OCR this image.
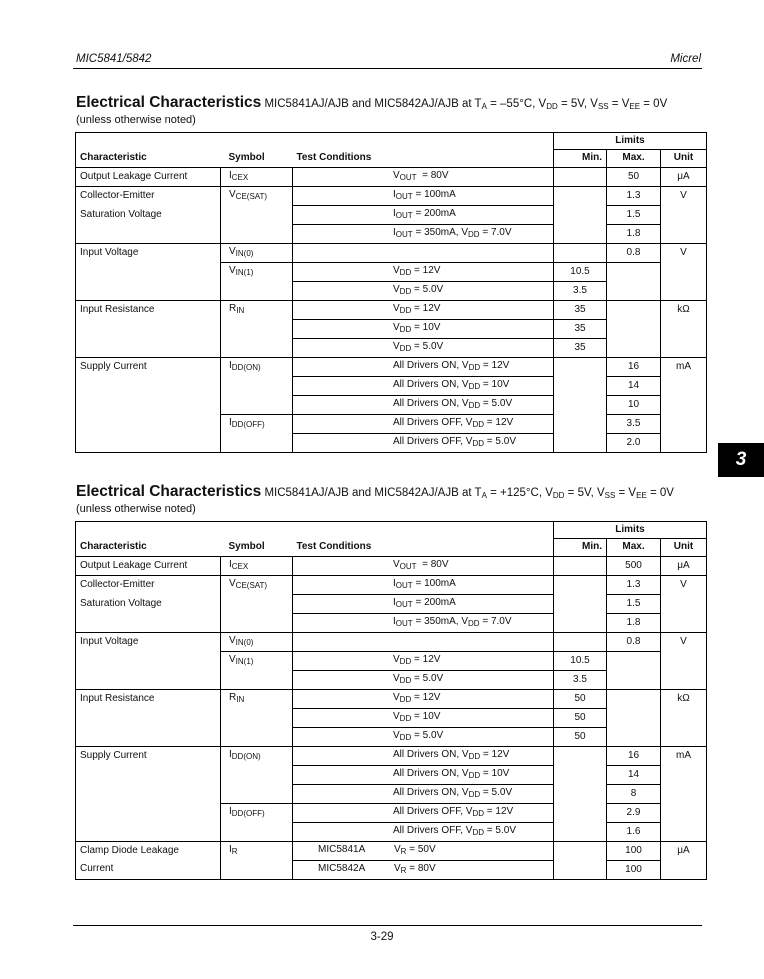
MIC5841/5842	Micrel
Electrical Characteristics MIC5841AJ/AJB and MIC5842AJ/AJB at $T_A = -55^\circ C$, $V_{DD} = 5V$, $V_{SS} = V_{EE} = 0V$
(unless otherwise noted)
			Limits		
Characteristic	Symbol	Test Conditions	Min.	Max.	Unit
Output Leakage Current	$I_{CEX}$	$V_{OUT} = 80V$		50	μA
Collector-Emitter	$V_{CE(SAT)}$	$I_{OUT} = 100mA$		1.3	V
Saturation Voltage		$I_{OUT} = 200mA$		1.5	
		$I_{OUT} = 350mA$, $V_{DD} = 7.0V$		1.8	
Input Voltage	$V_{IN(0)}$			0.8	V
	$V_{IN(1)}$	$V_{DD} = 12V$	10.5		
		$V_{DD} = 5.0V$	3.5		
Input Resistance	$R_{IN}$	$V_{DD} = 12V$	35		kΩ
		$V_{DD} = 10V$	35		
		$V_{DD} = 5.0V$	35		
Supply Current	$I_{DD(ON)}$	All Drivers ON, $V_{DD} = 12V$		16	mA
		All Drivers ON, $V_{DD} = 10V$		14	
		All Drivers ON, $V_{DD} = 5.0V$		10	
	$I_{DD(OFF)}$	All Drivers OFF, $V_{DD} = 12V$		3.5	
		All Drivers OFF, $V_{DD} = 5.0V$		2.0	
3
Electrical Characteristics MIC5841AJ/AJB and MIC5842AJ/AJB at $T_A = +125^\circ C$, $V_{DD} = 5V$, $V_{SS} = V_{EE} = 0V$
(unless otherwise noted)
			Limits		
Characteristic	Symbol	Test Conditions	Min.	Max.	Unit
Output Leakage Current	$I_{CEX}$	$V_{OUT} = 80V$		500	μA
Collector-Emitter	$V_{CE(SAT)}$	$I_{OUT} = 100mA$		1.3	V
Saturation Voltage		$I_{OUT} = 200mA$		1.5	
		$I_{OUT} = 350mA$, $V_{DD} = 7.0V$		1.8	
Input Voltage	$V_{IN(0)}$			0.8	V
	$V_{IN(1)}$	$V_{DD} = 12V$	10.5		
		$V_{DD} = 5.0V$	3.5		
Input Resistance	$R_{IN}$	$V_{DD} = 12V$	50		kΩ
		$V_{DD} = 10V$	50		
		$V_{DD} = 5.0V$	50		
Supply Current	$I_{DD(ON)}$	All Drivers ON, $V_{DD} = 12V$		16	mA
		All Drivers ON, $V_{DD} = 10V$		14	
		All Drivers ON, $V_{DD} = 5.0V$		8	
	$I_{DD(OFF)}$	All Drivers OFF, $V_{DD} = 12V$		2.9	
		All Drivers OFF, $V_{DD} = 5.0V$		1.6	
Clamp Diode Leakage	$I_R$	MIC5841A $V_R = 50V$		100	μA
Current		MIC5842A $V_R = 80V$		100	
3-29
